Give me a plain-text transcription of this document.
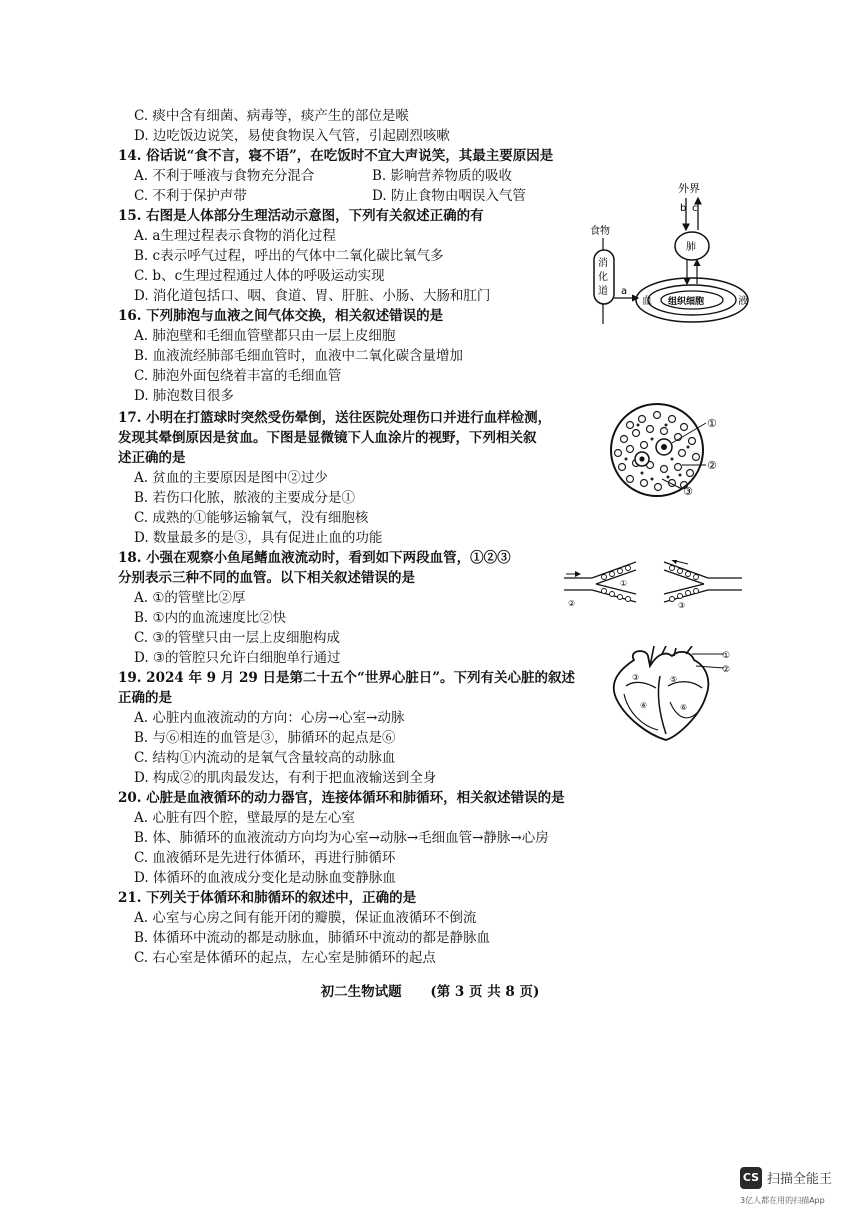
C. 痰中含有细菌、病毒等，痰产生的部位是喉
D. 边吃饭边说笑，易使食物误入气管，引起剧烈咳嗽
14. 俗话说“食不言，寝不语”，在吃饭时不宜大声说笑，其最主要原因是
A. 不利于唾液与食物充分混合	B. 影响营养物质的吸收
C. 不利于保护声带	D. 防止食物由咽误入气管
15. 右图是人体部分生理活动示意图，下列有关叙述正确的有
A. a生理过程表示食物的消化过程
B. c表示呼气过程，呼出的气体中二氧化碳比氧气多
C. b、c生理过程通过人体的呼吸运动实现
D. 消化道包括口、咽、食道、胃、肝脏、小肠、大肠和肛门
16. 下列肺泡与血液之间气体交换，相关叙述错误的是
A. 肺泡壁和毛细血管壁都只由一层上皮细胞
B. 血液流经肺部毛细血管时，血液中二氧化碳含量增加
C. 肺泡外面包绕着丰富的毛细血管
D. 肺泡数目很多
17. 小明在打篮球时突然受伤晕倒，送往医院处理伤口并进行血样检测，
发现其晕倒原因是贫血。下图是显微镜下人血涂片的视野，下列相关叙
述正确的是
A. 贫血的主要原因是图中②过少
B. 若伤口化脓，脓液的主要成分是①
C. 成熟的①能够运输氧气，没有细胞核
D. 数量最多的是③，具有促进止血的功能
18. 小强在观察小鱼尾鳍血液流动时，看到如下两段血管，①②③
分别表示三种不同的血管。以下相关叙述错误的是
A. ①的管壁比②厚
B. ①内的血流速度比②快
C. ③的管壁只由一层上皮细胞构成
D. ③的管腔只允许白细胞单行通过
19. 2024 年 9 月 29 日是第二十五个“世界心脏日”。下列有关心脏的叙述
正确的是
A. 心脏内血液流动的方向：心房→心室→动脉
B. 与⑥相连的血管是③，肺循环的起点是⑥
C. 结构①内流动的是氧气含量较高的动脉血
D. 构成②的肌肉最发达，有利于把血液输送到全身
20. 心脏是血液循环的动力器官，连接体循环和肺循环，相关叙述错误的是
A. 心脏有四个腔，壁最厚的是左心室
B. 体、肺循环的血液流动方向均为心室→动脉→毛细血管→静脉→心房
C. 血液循环是先进行体循环，再进行肺循环
D. 体循环的血液成分变化是动脉血变静脉血
21. 下列关于体循环和肺循环的叙述中，正确的是
A. 心室与心房之间有能开闭的瓣膜，保证血液循环不倒流
B. 体循环中流动的都是动脉血，肺循环中流动的都是静脉血
C. 右心室是体循环的起点，左心室是肺循环的起点
外界
b c
肺
食物
消
化
道 a
血 组织细胞	液
①
②
③
①
②	③
①
②
③
④
⑤
⑥
初二生物试题 (第 3 页 共 8 页)
CS 扫描全能王
3亿人都在用的扫描App
